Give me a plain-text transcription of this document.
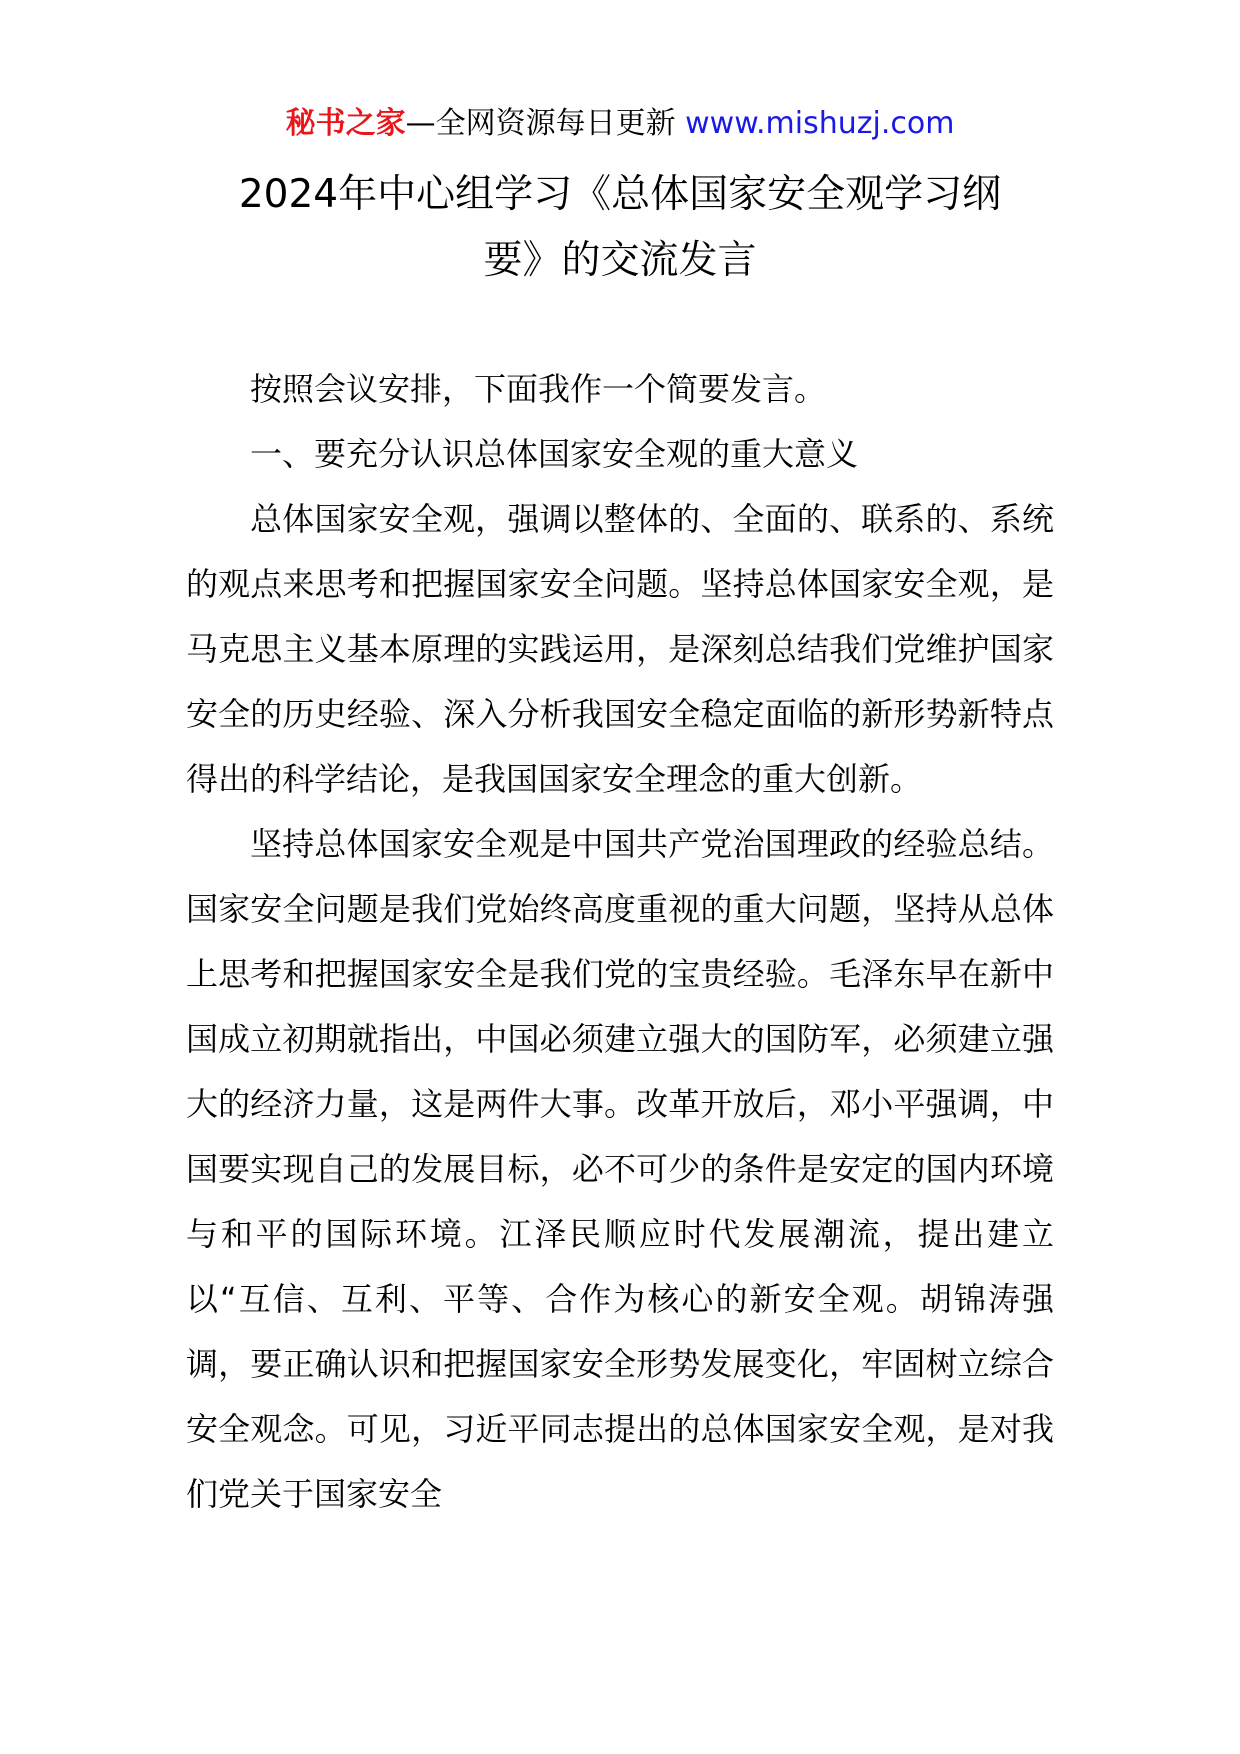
秘书之家—全网资源每日更新 www.mishuzj.com
2024年中心组学习《总体国家安全观学习纲
要》的交流发言

按照会议安排，下面我作一个简要发言。

一、要充分认识总体国家安全观的重大意义

总体国家安全观，强调以整体的、全面的、联系的、系统的观点来思考和把握国家安全问题。坚持总体国家安全观，是马克思主义基本原理的实践运用，是深刻总结我们党维护国家安全的历史经验、深入分析我国安全稳定面临的新形势新特点得出的科学结论，是我国国家安全理念的重大创新。

坚持总体国家安全观是中国共产党治国理政的经验总结。国家安全问题是我们党始终高度重视的重大问题，坚持从总体上思考和把握国家安全是我们党的宝贵经验。毛泽东早在新中国成立初期就指出，中国必须建立强大的国防军，必须建立强大的经济力量，这是两件大事。改革开放后，邓小平强调，中国要实现自己的发展目标，必不可少的条件是安定的国内环境与和平的国际环境。江泽民顺应时代发展潮流，提出建立以“互信、互利、平等、合作为核心的新安全观。胡锦涛强调，要正确认识和把握国家安全形势发展变化，牢固树立综合安全观念。可见，习近平同志提出的总体国家安全观，是对我们党关于国家安全
